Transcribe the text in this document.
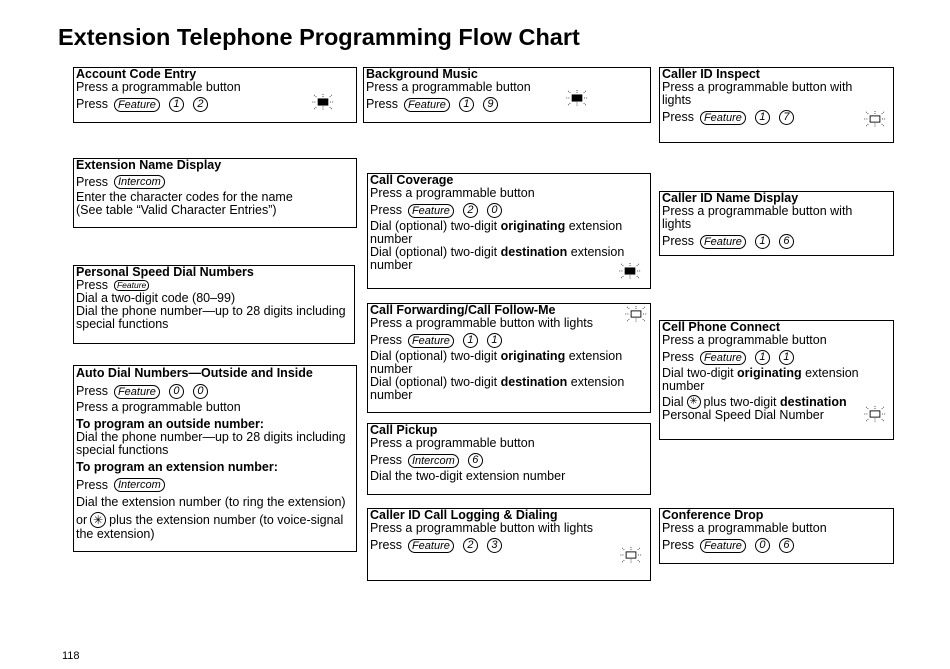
Extension Telephone Programming Flow Chart
Account Code Entry
Press a programmable button
Press Feature	1	2
Background Music
Press a programmable button
Press Feature	1	9
Caller ID Inspect
Press a programmable button with
lights
Press Feature	1	7
Extension Name Display
Press Intercom
Enter the character codes for the name
(See table “Valid Character Entries”)
Call Coverage
Press a programmable button
Press Feature	2	0
Dial (optional) two-digit originating extension
number
Dial (optional) two-digit destination extension
number
Caller ID Name Display
Press a programmable button with
lights
Press Feature	1	6
Personal Speed Dial Numbers
Press	Feature
Dial a two-digit code (80–99)
Dial the phone number—up to 28 digits including
special functions
Call Forwarding/Call Follow-Me
Press a programmable button with lights
Press Feature	1	1
Dial (optional) two-digit originating extension
number
Dial (optional) two-digit destination extension
number
Cell Phone Connect
Press a programmable button
Press Feature	1	1
Dial two-digit originating extension
number
Dial ✳ plus two-digit
destination
Personal Speed Dial Number
Auto Dial Numbers—Outside and Inside
Press Feature	0	0
Press a programmable button
To program an outside number:
Dial the phone number—up to 28 digits including
special functions
To program an extension number:
Press Intercom
Dial the extension number (to ring the extension)
or ✳ plus the extension number (to voice-signal
the extension)
Call Pickup
Press a programmable button
Press Intercom	6
Dial the two-digit extension number
Caller ID Call Logging & Dialing
Press a programmable button with lights
Press Feature	2	3
Conference Drop
Press a programmable button
Press Feature	0	6
118
